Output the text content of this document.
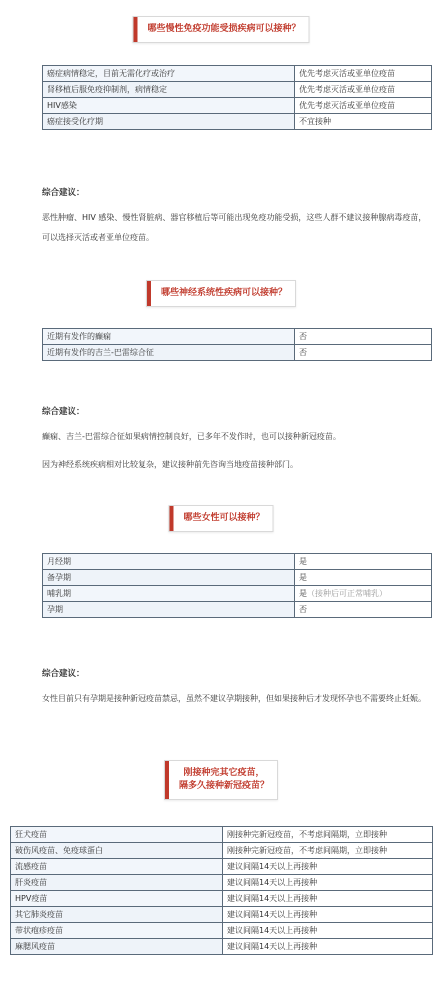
哪些慢性免疫功能受损疾病可以接种？
癌症病情稳定，目前无需化疗或治疗	优先考虑灭活或亚单位疫苗
肾移植后服免疫抑制剂，病情稳定	优先考虑灭活或亚单位疫苗
HIV感染	优先考虑灭活或亚单位疫苗
癌症接受化疗期	不宜接种
综合建议：
恶性肿瘤、HIV 感染、慢性肾脏病、器官移植后等可能出现免疫功能受损，这些人群不建议接种腺病毒疫苗，可以选择灭活或者亚单位疫苗。
哪些神经系统性疾病可以接种？
近期有发作的癫痫	否
近期有发作的吉兰-巴雷综合征	否
综合建议：
癫痫、吉兰-巴雷综合征如果病情控制良好，已多年不发作时，也可以接种新冠疫苗。
因为神经系统疾病相对比较复杂，建议接种前先咨询当地疫苗接种部门。
哪些女性可以接种？
月经期	是
备孕期	是
哺乳期	是（接种后可正常哺乳）
孕期	否
综合建议：
女性目前只有孕期是接种新冠疫苗禁忌，虽然不建议孕期接种，但如果接种后才发现怀孕也不需要终止妊娠。
刚接种完其它疫苗，
隔多久接种新冠疫苗？
狂犬疫苗	刚接种完新冠疫苗，不考虑间隔期，立即接种
破伤风疫苗、免疫球蛋白	刚接种完新冠疫苗，不考虑间隔期，立即接种
流感疫苗	建议间隔14天以上再接种
肝炎疫苗	建议间隔14天以上再接种
HPV疫苗	建议间隔14天以上再接种
其它肺炎疫苗	建议间隔14天以上再接种
带状疱疹疫苗	建议间隔14天以上再接种
麻腮风疫苗	建议间隔14天以上再接种
